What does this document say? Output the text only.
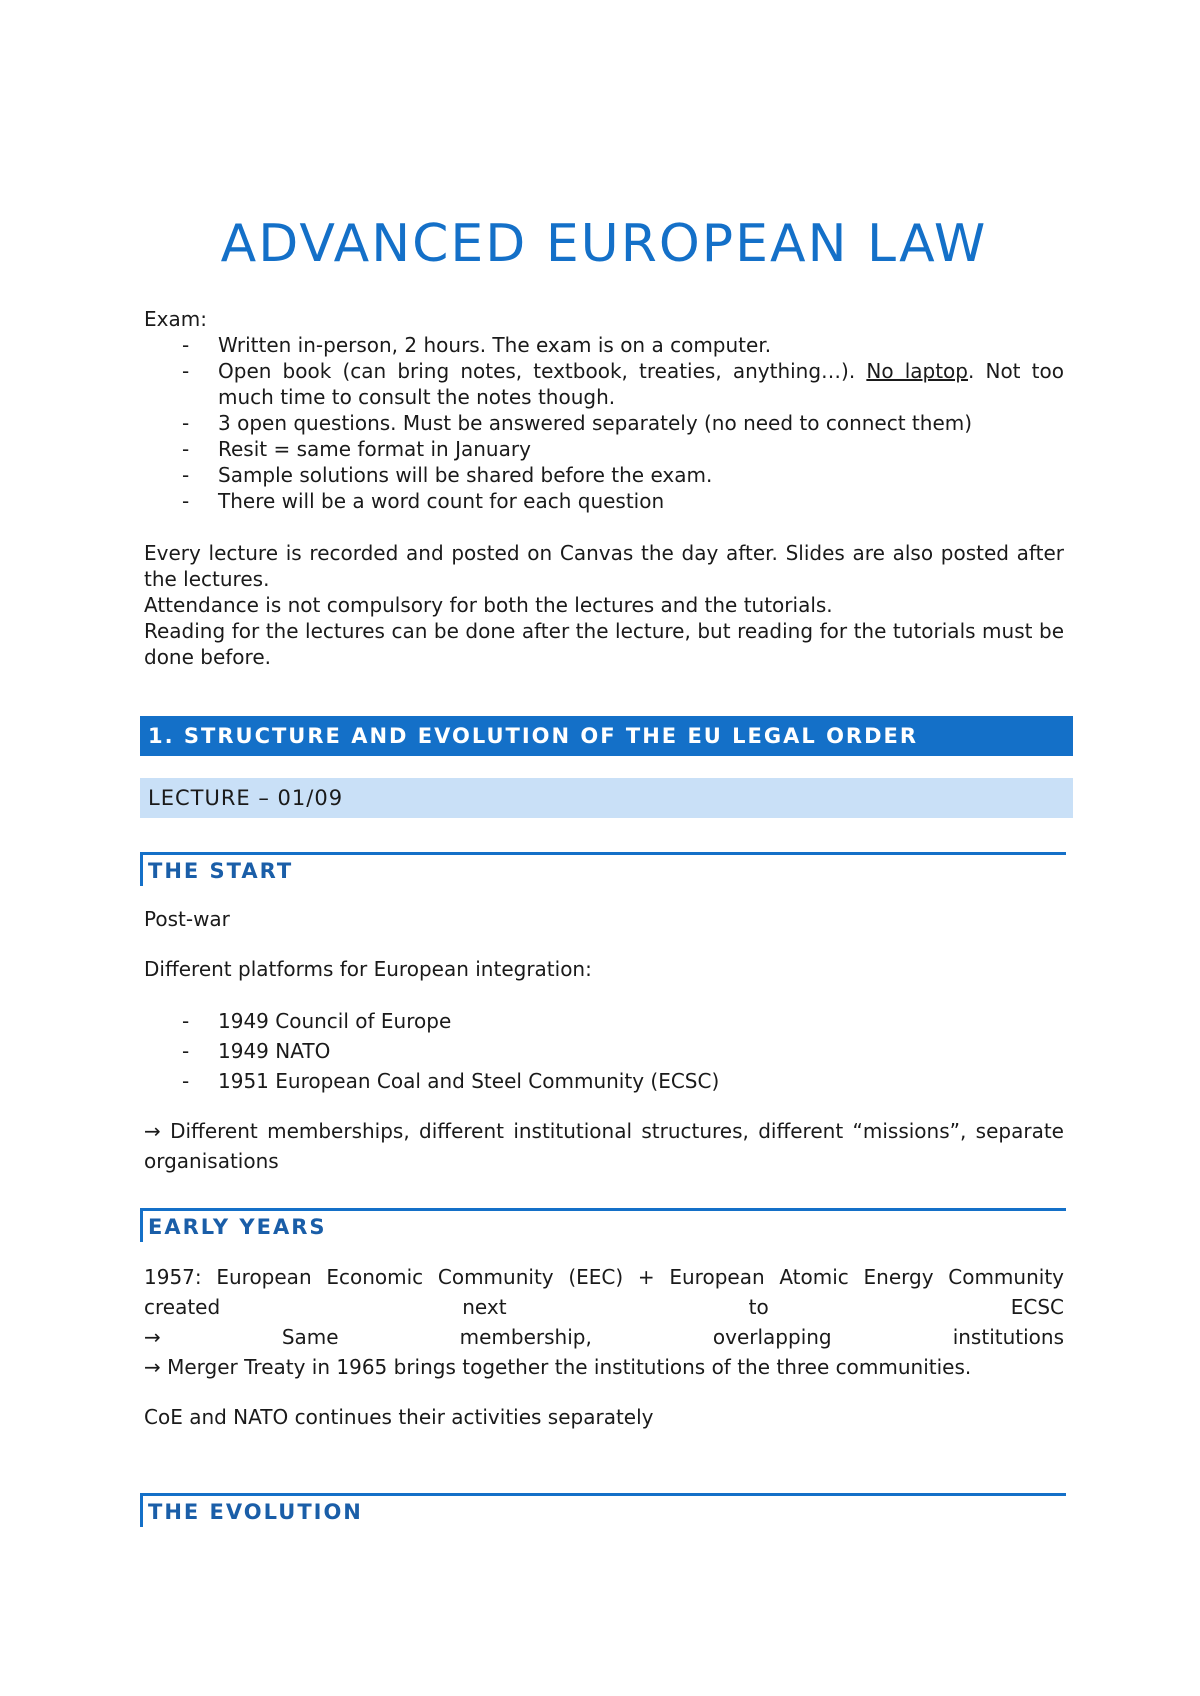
ADVANCED EUROPEAN LAW
Exam:
- Written in-person, 2 hours. The exam is on a computer.
- Open book (can bring notes, textbook, treaties, anything…). No laptop. Not too much time to consult the notes though.
- 3 open questions. Must be answered separately (no need to connect them)
- Resit = same format in January
- Sample solutions will be shared before the exam.
- There will be a word count for each question

Every lecture is recorded and posted on Canvas the day after. Slides are also posted after the lectures.

Attendance is not compulsory for both the lectures and the tutorials.

Reading for the lectures can be done after the lecture, but reading for the tutorials must be done before.

1. STRUCTURE AND EVOLUTION OF THE EU LEGAL ORDER
LECTURE – 01/09
THE START

Post-war

Different platforms for European integration:

- 1949 Council of Europe
- 1949 NATO
- 1951 European Coal and Steel Community (ECSC)

→ Different memberships, different institutional structures, different “missions”, separate organisations

EARLY YEARS

1957: European Economic Community (EEC) + European Atomic Energy Community created next to ECSC

→ Same membership, overlapping institutions

→ Merger Treaty in 1965 brings together the institutions of the three communities.

CoE and NATO continues their activities separately

THE EVOLUTION
